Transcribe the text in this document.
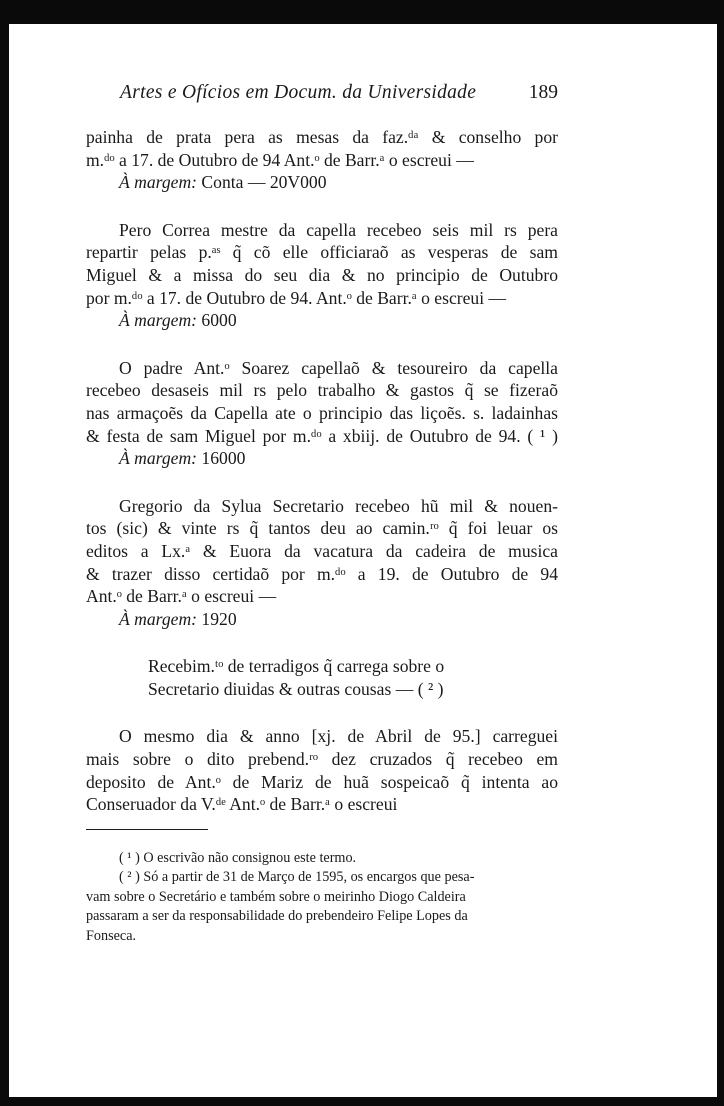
Artes e Ofícios em Docum. da Universidade	189
painha de prata pera as mesas da faz.ᵈᵃ & conselho por
m.ᵈᵒ a 17. de Outubro de 94 Ant.ᵒ de Barr.ᵃ o escreui —
À margem: Conta — 20V000
Pero Correa mestre da capella recebeo seis mil rs pera
repartir pelas p.ᵃˢ q̃ cõ elle officiaraõ as vesperas de sam
Miguel & a missa do seu dia & no principio de Outubro
por m.ᵈᵒ a 17. de Outubro de 94. Ant.ᵒ de Barr.ᵃ o escreui —
À margem: 6000
O padre Ant.ᵒ Soarez capellaõ & tesoureiro da capella
recebeo desaseis mil rs pelo trabalho & gastos q̃ se fizeraõ
nas armaçoẽs da Capella ate o principio das liçoẽs. s. ladainhas
& festa de sam Miguel por m.ᵈᵒ a xbiij. de Outubro de 94. ( ¹ )
À margem: 16000
Gregorio da Sylua Secretario recebeo hũ mil & nouen-
tos (sic) & vinte rs q̃ tantos deu ao camin.ʳᵒ q̃ foi leuar os
editos a Lx.ᵃ & Euora da vacatura da cadeira de musica
& trazer disso certidaõ por m.ᵈᵒ a 19. de Outubro de 94
Ant.ᵒ de Barr.ᵃ o escreui —
À margem: 1920
Recebim.ᵗᵒ de terradigos q̃ carrega sobre o
Secretario diuidas & outras cousas — ( ² )
O mesmo dia & anno [xj. de Abril de 95.] carreguei
mais sobre o dito prebend.ʳᵒ dez cruzados q̃ recebeo em
deposito de Ant.ᵒ de Mariz de huã sospeicaõ q̃ intenta ao
Conseruador da V.ᵈᵉ Ant.ᵒ de Barr.ᵃ o escreui
( ¹ ) O escrivão não consignou este termo.
( ² ) Só a partir de 31 de Março de 1595, os encargos que pesa-
vam sobre o Secretário e também sobre o meirinho Diogo Caldeira
passaram a ser da responsabilidade do prebendeiro Felipe Lopes da
Fonseca.
